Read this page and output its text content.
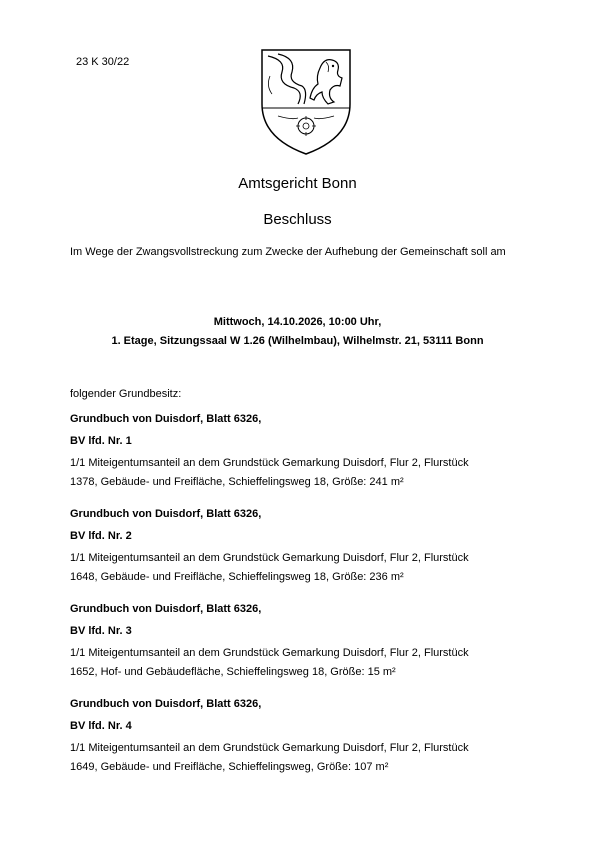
23 K 30/22
Amtsgericht Bonn
Beschluss
Im Wege der Zwangsvollstreckung zum Zwecke der Aufhebung der Gemeinschaft soll am
Mittwoch, 14.10.2026, 10:00 Uhr,
1. Etage, Sitzungssaal W 1.26 (Wilhelmbau), Wilhelmstr. 21, 53111 Bonn
folgender Grundbesitz:
Grundbuch von Duisdorf, Blatt 6326,
BV lfd. Nr. 1
1/1 Miteigentumsanteil an dem Grundstück Gemarkung Duisdorf, Flur 2, Flurstück
1378, Gebäude- und Freifläche, Schieffelingsweg 18, Größe: 241 m²
Grundbuch von Duisdorf, Blatt 6326,
BV lfd. Nr. 2
1/1 Miteigentumsanteil an dem Grundstück Gemarkung Duisdorf, Flur 2, Flurstück
1648, Gebäude- und Freifläche, Schieffelingsweg 18, Größe: 236 m²
Grundbuch von Duisdorf, Blatt 6326,
BV lfd. Nr. 3
1/1 Miteigentumsanteil an dem Grundstück Gemarkung Duisdorf, Flur 2, Flurstück
1652, Hof- und Gebäudefläche, Schieffelingsweg 18, Größe: 15 m²
Grundbuch von Duisdorf, Blatt 6326,
BV lfd. Nr. 4
1/1 Miteigentumsanteil an dem Grundstück Gemarkung Duisdorf, Flur 2, Flurstück
1649, Gebäude- und Freifläche, Schieffelingsweg, Größe: 107 m²
